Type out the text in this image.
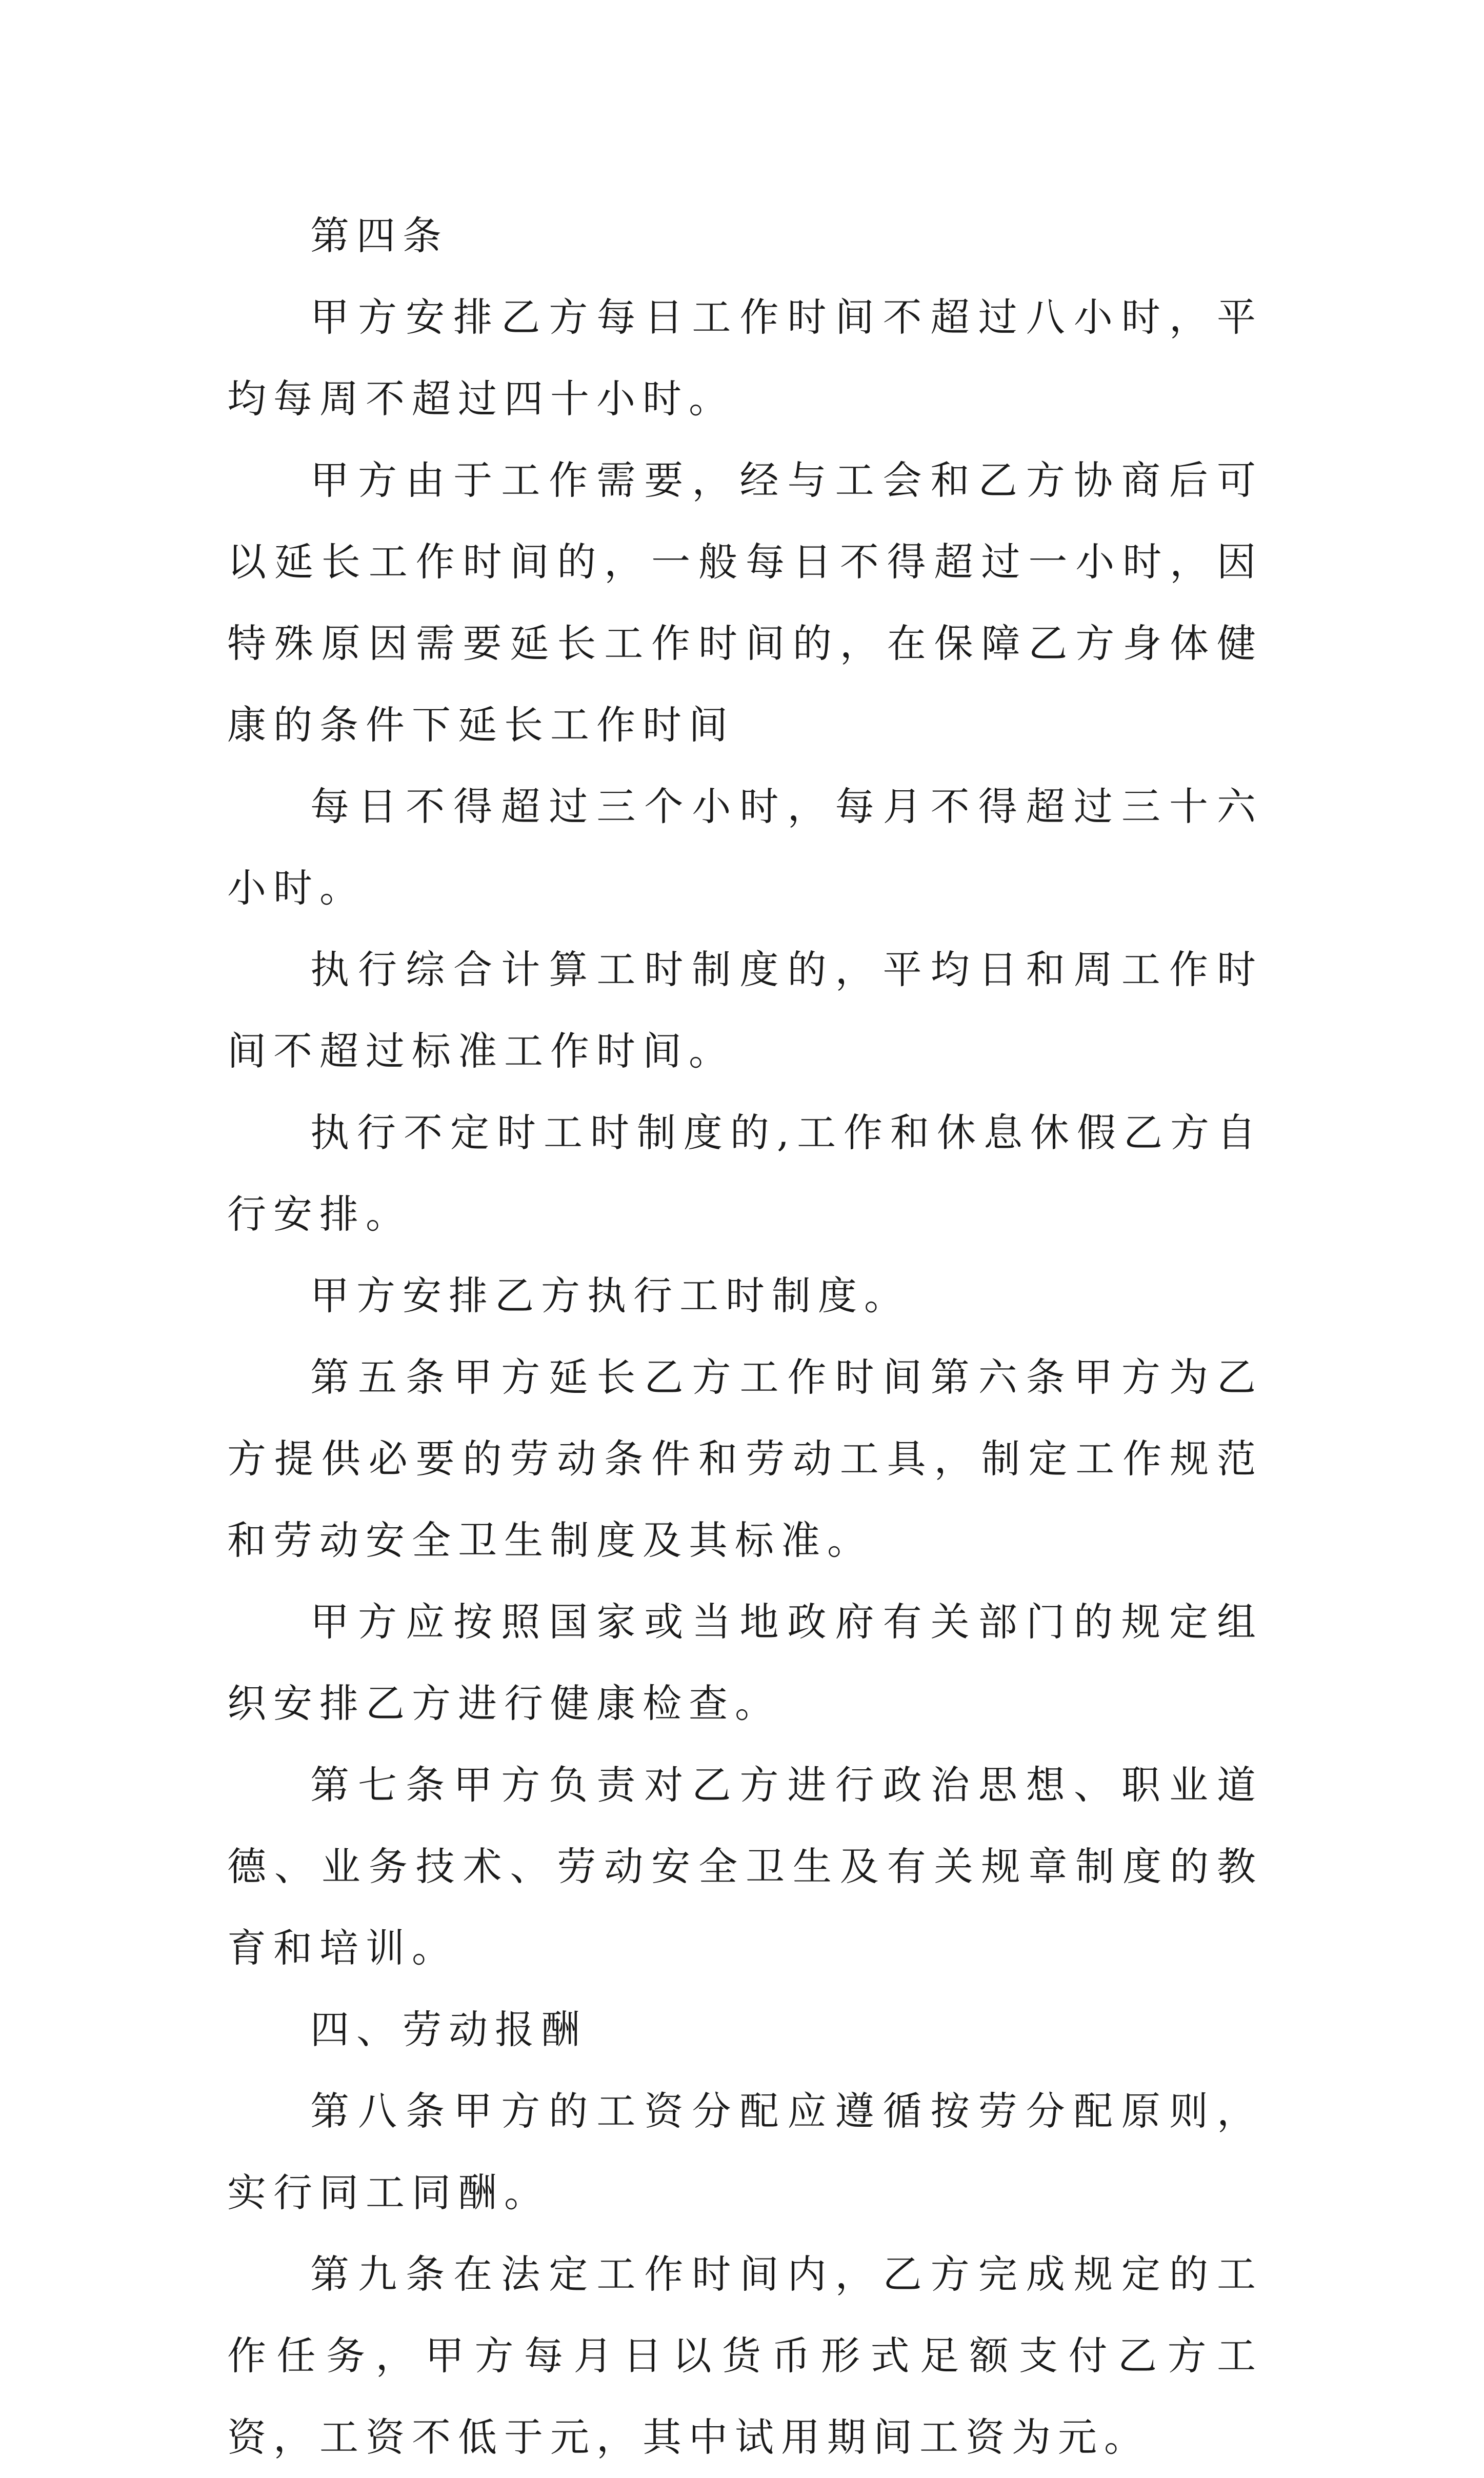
第四条

甲方安排乙方每日工作时间不超过八小时，平均每周不超过四十小时。

甲方由于工作需要，经与工会和乙方协商后可以延长工作时间的，一般每日不得超过一小时，因特殊原因需要延长工作时间的，在保障乙方身体健康的条件下延长工作时间

每日不得超过三个小时，每月不得超过三十六小时。

执行综合计算工时制度的，平均日和周工作时间不超过标准工作时间。

执行不定时工时制度的,工作和休息休假乙方自行安排。

甲方安排乙方执行工时制度。

第五条甲方延长乙方工作时间第六条甲方为乙方提供必要的劳动条件和劳动工具，制定工作规范和劳动安全卫生制度及其标准。

甲方应按照国家或当地政府有关部门的规定组织安排乙方进行健康检查。

第七条甲方负责对乙方进行政治思想、职业道德、业务技术、劳动安全卫生及有关规章制度的教育和培训。

四、劳动报酬

第八条甲方的工资分配应遵循按劳分配原则，实行同工同酬。

第九条在法定工作时间内，乙方完成规定的工作任务，甲方每月日以货币形式足额支付乙方工资，工资不低于元，其中试用期间工资为元。
